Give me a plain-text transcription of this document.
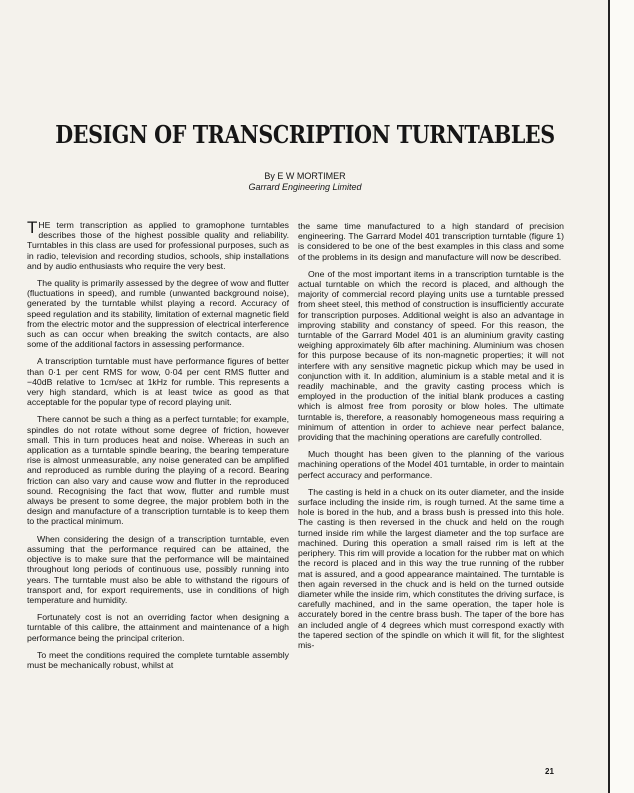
DESIGN OF TRANSCRIPTION TURNTABLES
By E W MORTIMER
Garrard Engineering Limited

THE term transcription as applied to gramophone turntables describes those of the highest possible quality and reliability. Turntables in this class are used for professional purposes, such as in radio, television and recording studios, schools, ship installations and by audio enthusiasts who require the very best.

The quality is primarily assessed by the degree of wow and flutter (fluctuations in speed), and rumble (unwanted background noise), generated by the turntable whilst playing a record. Accuracy of speed regulation and its stability, limitation of external magnetic field from the electric motor and the suppression of electrical interference such as can occur when breaking the switch contacts, are also some of the additional factors in assessing performance.

A transcription turntable must have performance figures of better than 0·1 per cent RMS for wow, 0·04 per cent RMS flutter and −40dB relative to 1cm/sec at 1kHz for rumble. This represents a very high standard, which is at least twice as good as that acceptable for the popular type of record playing unit.

There cannot be such a thing as a perfect turntable; for example, spindles do not rotate without some degree of friction, however small. This in turn produces heat and noise. Whereas in such an application as a turntable spindle bearing, the bearing temperature rise is almost unmeasurable, any noise generated can be amplified and reproduced as rumble during the playing of a record. Bearing friction can also vary and cause wow and flutter in the reproduced sound. Recognising the fact that wow, flutter and rumble must always be present to some degree, the major problem both in the design and manufacture of a transcription turntable is to keep them to the practical minimum.

When considering the design of a transcription turntable, even assuming that the performance required can be attained, the objective is to make sure that the performance will be maintained throughout long periods of continuous use, possibly running into years. The turntable must also be able to withstand the rigours of transport and, for export requirements, use in conditions of high temperature and humidity.

Fortunately cost is not an overriding factor when designing a turntable of this calibre, the attainment and maintenance of a high performance being the principal criterion.

To meet the conditions required the complete turntable assembly must be mechanically robust, whilst at

the same time manufactured to a high standard of precision engineering. The Garrard Model 401 transcription turntable (figure 1) is considered to be one of the best examples in this class and some of the problems in its design and manufacture will now be described.

One of the most important items in a transcription turntable is the actual turntable on which the record is placed, and although the majority of commercial record playing units use a turntable pressed from sheet steel, this method of construction is insufficiently accurate for transcription purposes. Additional weight is also an advantage in improving stability and constancy of speed. For this reason, the turntable of the Garrard Model 401 is an aluminium gravity casting weighing approximately 6lb after machining. Aluminium was chosen for this purpose because of its non-magnetic properties; it will not interfere with any sensitive magnetic pickup which may be used in conjunction with it. In addition, aluminium is a stable metal and it is readily machinable, and the gravity casting process which is employed in the production of the initial blank produces a casting which is almost free from porosity or blow holes. The ultimate turntable is, therefore, a reasonably homogeneous mass requiring a minimum of attention in order to achieve near perfect balance, providing that the machining operations are carefully controlled.

Much thought has been given to the planning of the various machining operations of the Model 401 turntable, in order to maintain perfect accuracy and performance.

The casting is held in a chuck on its outer diameter, and the inside surface including the inside rim, is rough turned. At the same time a hole is bored in the hub, and a brass bush is pressed into this hole. The casting is then reversed in the chuck and held on the rough turned inside rim while the largest diameter and the top surface are machined. During this operation a small raised rim is left at the periphery. This rim will provide a location for the rubber mat on which the record is placed and in this way the true running of the rubber mat is assured, and a good appearance maintained. The turntable is then again reversed in the chuck and is held on the turned outside diameter while the inside rim, which constitutes the driving surface, is carefully machined, and in the same operation, the taper hole is accurately bored in the centre brass bush. The taper of the bore has an included angle of 4 degrees which must correspond exactly with the tapered section of the spindle on which it will fit, for the slightest mis-

21
